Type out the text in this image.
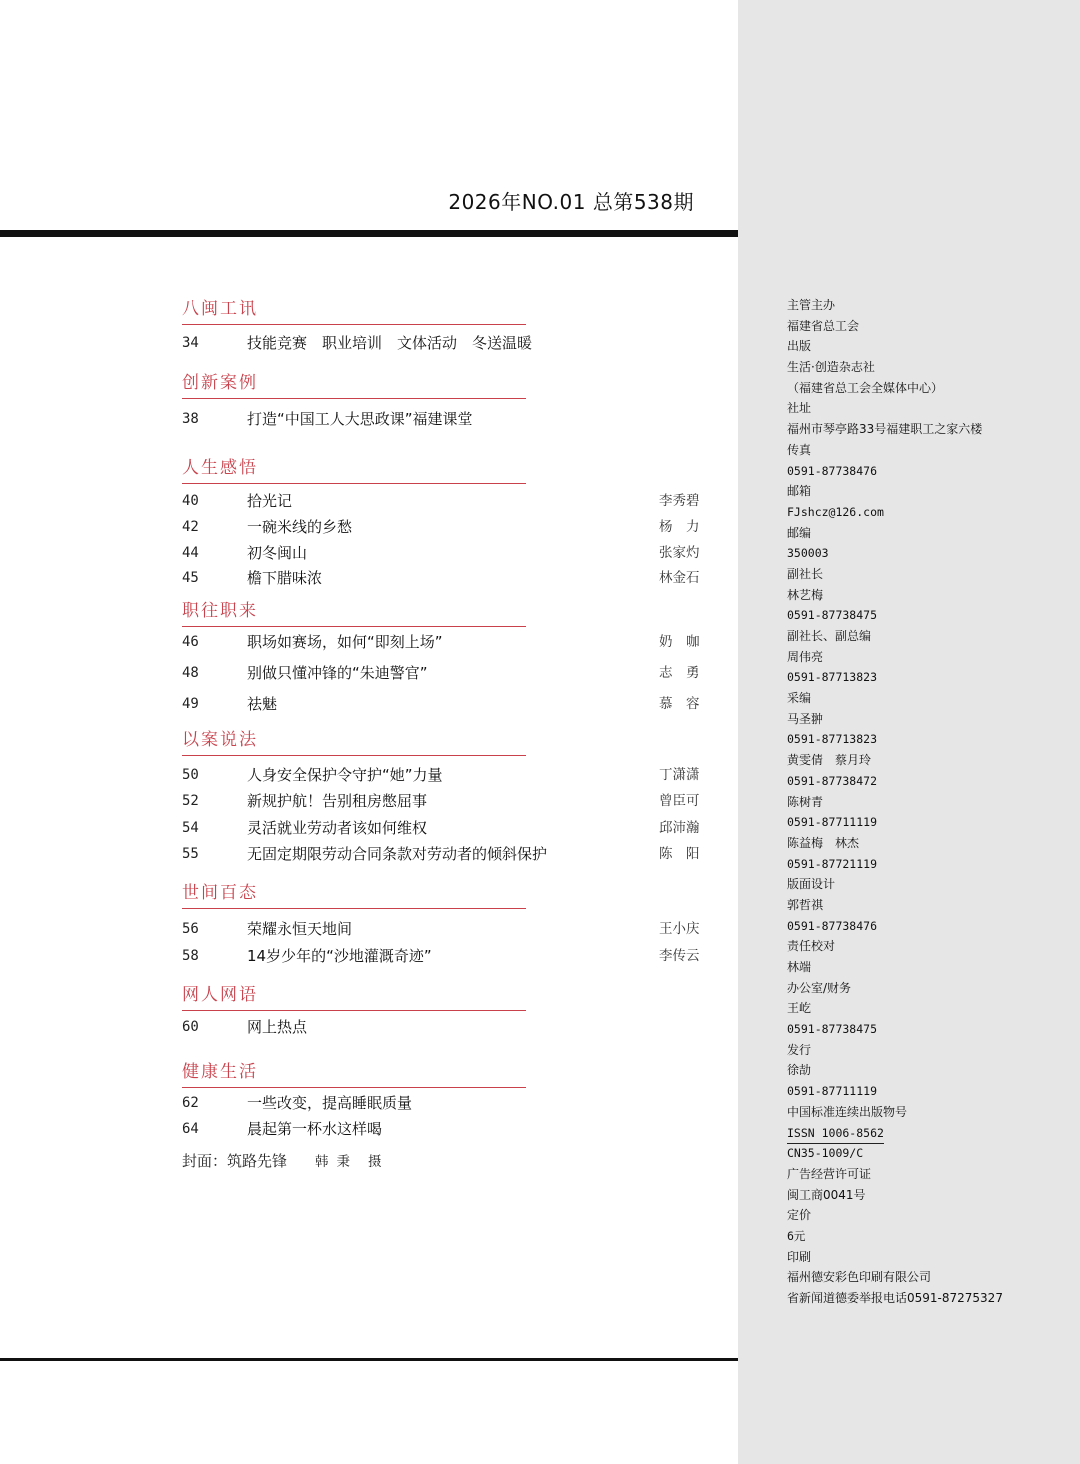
2026年NO.01 总第538期
八闽工讯
34	技能竞赛　职业培训　文体活动　冬送温暖
创新案例
38	打造“中国工人大思政课”福建课堂
人生感悟
40	拾光记	李秀碧
42	一碗米线的乡愁	杨　力
44	初冬闽山	张家灼
45	檐下腊味浓	林金石
职往职来
46	职场如赛场，如何“即刻上场”	奶　咖
48	别做只懂冲锋的“朱迪警官”	志　勇
49	祛魅	慕　容
以案说法
50	人身安全保护令守护“她”力量	丁潇潇
52	新规护航！告别租房憋屈事	曾臣可
54	灵活就业劳动者该如何维权	邱沛瀚
55	无固定期限劳动合同条款对劳动者的倾斜保护	陈　阳
世间百态
56	荣耀永恒天地间	王小庆
58	14岁少年的“沙地灌溉奇迹”	李传云
网人网语
60	网上热点
健康生活
62	一些改变，提高睡眠质量
64	晨起第一杯水这样喝
封面：筑路先锋 韩秉 摄
主管主办
福建省总工会
出版
生活·创造杂志社
（福建省总工会全媒体中心）
社址
福州市琴亭路33号福建职工之家六楼
传真
0591-87738476
邮箱
FJshcz@126.com
邮编
350003
副社长
林艺梅
0591-87738475
副社长、副总编
周伟亮
0591-87713823
采编
马圣翀
0591-87713823
黄雯倩　蔡月玲
0591-87738472
陈树青
0591-87711119
陈益梅　林杰
0591-87721119
版面设计
郭哲祺
0591-87738476
责任校对
林端
办公室/财务
王屹
0591-87738475
发行
徐劼
0591-87711119
中国标准连续出版物号
ISSN 1006-8562
CN35-1009/C
广告经营许可证
闽工商0041号
定价
6元
印刷
福州德安彩色印刷有限公司
省新闻道德委举报电话0591-87275327
